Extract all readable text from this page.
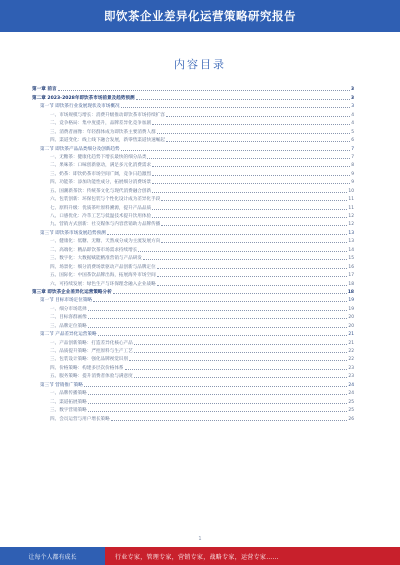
即饮茶企业差异化运营策略研究报告
内容目录
第一章 前言	3
第二章 2023-2028年即饮茶市场前景及趋势预测	3
第一节 即饮茶行业发展现状及市场概况	3
一、市场规模与增长：消费升级推动即饮茶市场持续扩容	4
二、竞争格局：集中度提升，品牌差异化竞争加剧	4
三、消费者画像：年轻群体成为即饮茶主要消费人群	5
四、渠道变化：线上线下融合发展，新零售渠道快速崛起	6
第二节 即饮茶产品品类细分及创新趋势	7
一、无糖茶：健康化趋势下增长最快的细分品类	7
二、果味茶：口味创新驱动，满足多元化消费需求	8
三、奶茶：即饮奶茶市场空间广阔，竞争日趋激烈	9
四、功能茶：添加功能性成分，拓展细分消费场景	9
五、国潮新茶饮：传统茶文化与现代消费融合创新	10
六、包装创新：环保包装与个性化设计成为差异化手段	11
七、原料升级：优质茶叶原料溯源，提升产品品质	11
八、口感优化：冷萃工艺与低温技术提升饮用体验	12
九、营销方式创新：社交媒体与内容营销助力品牌传播	12
第三节 即饮茶市场发展趋势预测	13
一、健康化：低糖、无糖、天然成分成为主流发展方向	13
二、高端化：精品即饮茶市场需求持续增长	14
三、数字化：大数据赋能精准营销与产品研发	15
四、场景化：细分消费场景驱动产品创新与品牌定位	16
五、国际化：中国茶饮品牌出海，拓展海外市场空间	17
六、可持续发展：绿色生产与环保理念融入企业战略	18
第三章 即饮茶企业差异化运营策略分析	18
第一节 目标市场定位策略	19
一、细分市场选择	19
二、目标客群画像	20
三、品牌定位策略	20
第二节 产品差异化运营策略	21
一、产品创新策略：打造差异化核心产品	21
二、品质提升策略：严控原料与生产工艺	22
三、包装设计策略：强化品牌视觉识别	22
四、价格策略：构建多层次价格体系	23
五、服务策略：提升消费者体验与满意度	23
第三节 营销推广策略	24
一、品牌传播策略	24
二、渠道拓展策略	25
三、数字营销策略	25
四、会员运营与用户增长策略	26
1
让每个人都有成长	行业专家，管理专家，营销专家，战略专家，运营专家……
